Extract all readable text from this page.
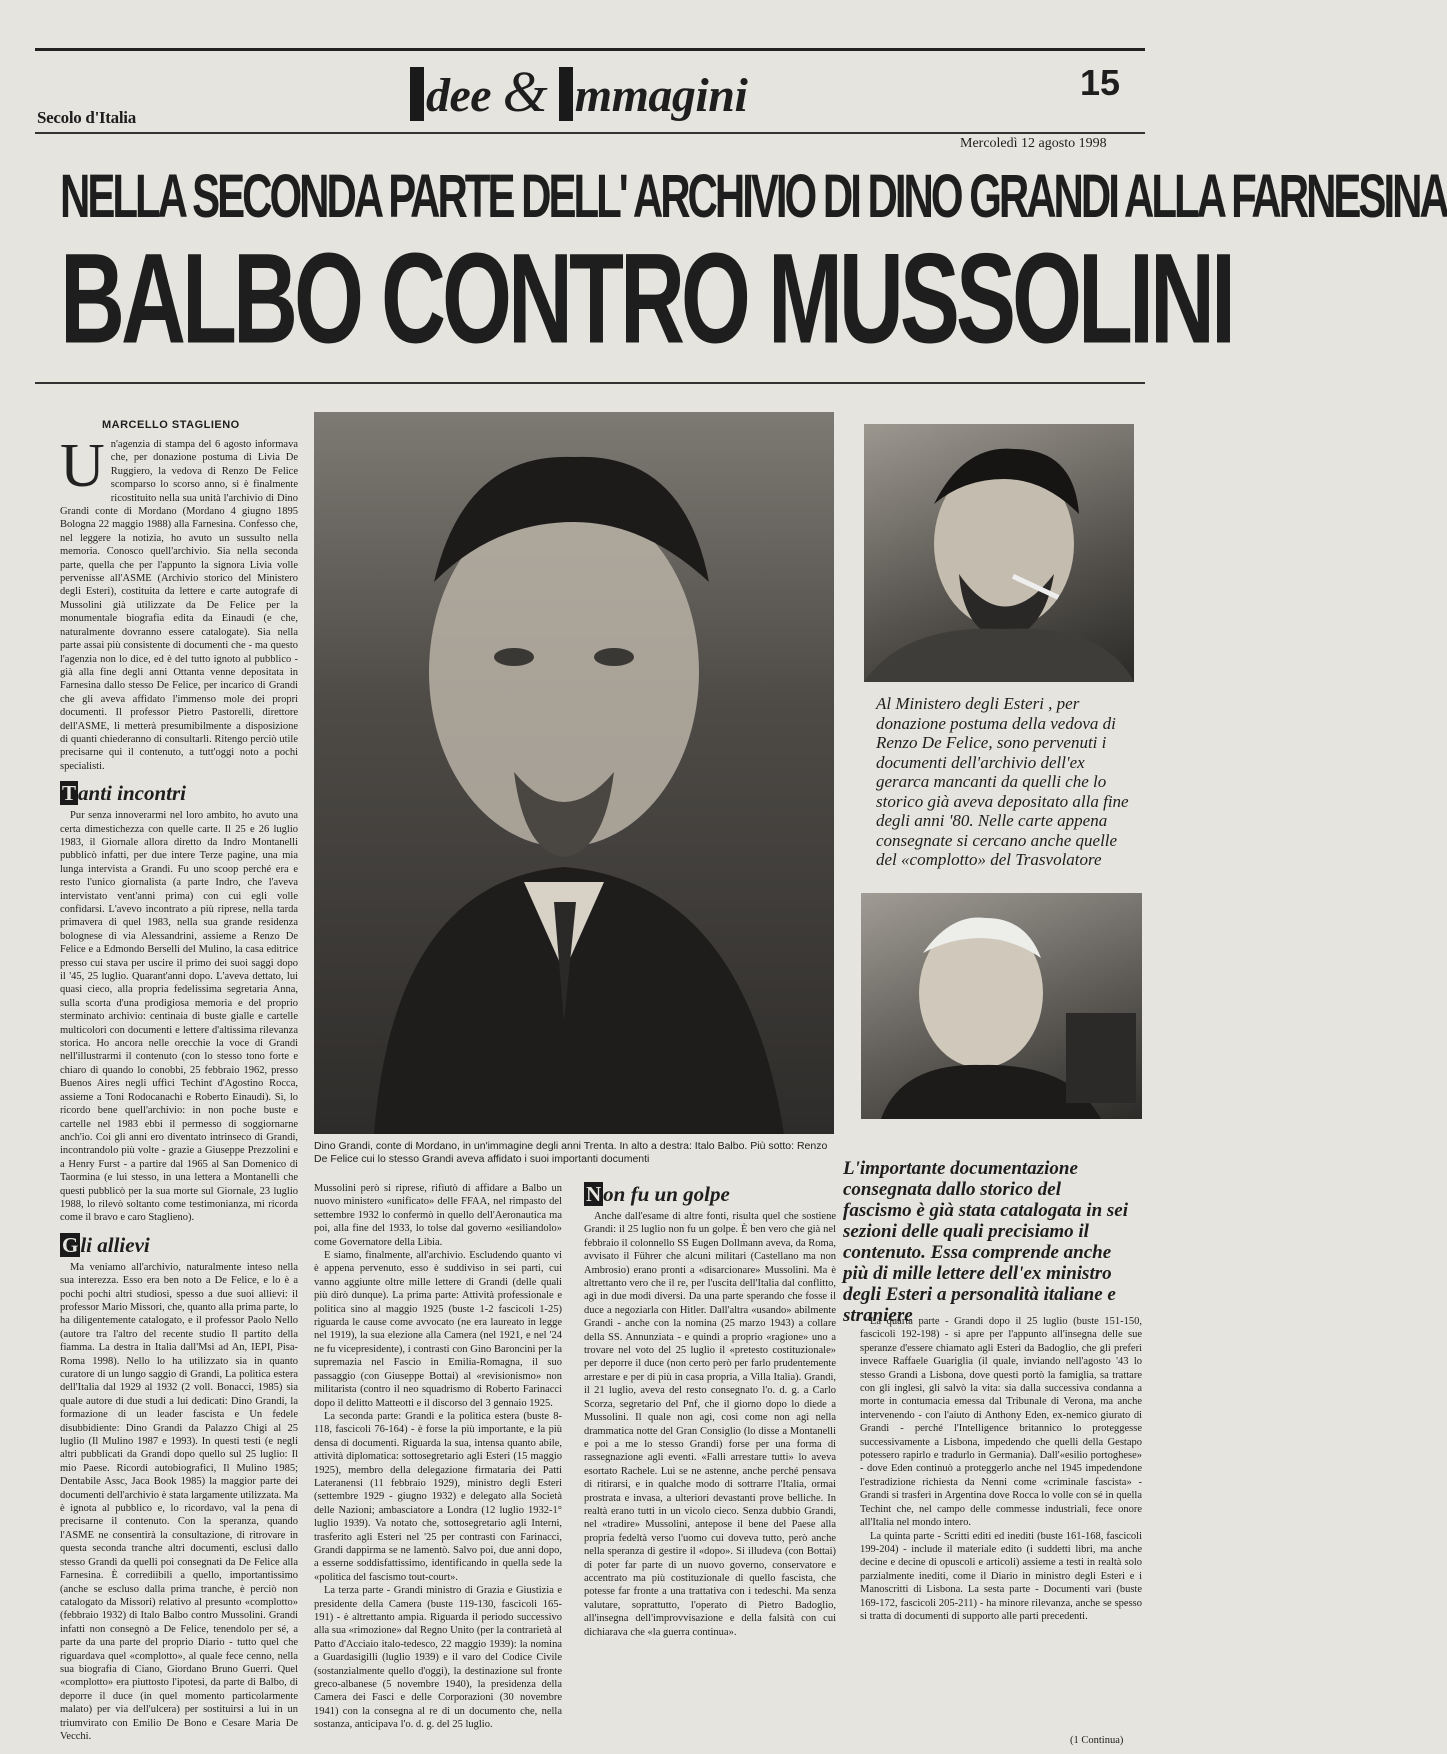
dee & mmagini	15
Secolo d'Italia
Mercoledì 12 agosto 1998
NELLA SECONDA PARTE DELL' ARCHIVIO DI DINO GRANDI ALLA FARNESINA
BALBO CONTRO MUSSOLINI
MARCELLO STAGLIENO
U n'agenzia di stampa del 6 agosto informava che, per donazione postuma di Livia De Ruggiero, la vedova di Renzo De Felice scomparso lo scorso anno, si è finalmente ricostituito nella sua unità l'archivio di Dino Grandi conte di Mordano (Mordano 4 giugno 1895 Bologna 22 maggio 1988) alla Farnesina. Confesso che, nel leggere la notizia, ho avuto un sussulto nella memoria. Conosco quell'archivio. Sia nella seconda parte, quella che per l'appunto la signora Livia volle pervenisse all'ASME (Archivio storico del Ministero degli Esteri), costituita da lettere e carte autografe di Mussolini già utilizzate da De Felice per la monumentale biografia edita da Einaudi (e che, naturalmente dovranno essere catalogate). Sia nella parte assai più consistente di documenti che - ma questo l'agenzia non lo dice, ed è del tutto ignoto al pubblico - già alla fine degli anni Ottanta venne depositata in Farnesina dallo stesso De Felice, per incarico di Grandi che gli aveva affidato l'immenso mole dei propri documenti. Il professor Pietro Pastorelli, direttore dell'ASME, li metterà presumibilmente a disposizione di quanti chiederanno di consultarli. Ritengo perciò utile precisarne qui il contenuto, a tutt'oggi noto a pochi specialisti.

Tanti incontri

Pur senza innoverarmi nel loro ambito, ho avuto una certa dimestichezza con quelle carte. Il 25 e 26 luglio 1983, il Giornale allora diretto da Indro Montanelli pubblicò infatti, per due intere Terze pagine, una mia lunga intervista a Grandi. Fu uno scoop perché era e resto l'unico giornalista (a parte Indro, che l'aveva intervistato vent'anni prima) con cui egli volle confidarsi. L'avevo incontrato a più riprese, nella tarda primavera di quel 1983, nella sua grande residenza bolognese di via Alessandrini, assieme a Renzo De Felice e a Edmondo Berselli del Mulino, la casa editrice presso cui stava per uscire il primo dei suoi saggi dopo il '45, 25 luglio. Quarant'anni dopo. L'aveva dettato, lui quasi cieco, alla propria fedelissima segretaria Anna, sulla scorta d'una prodigiosa memoria e del proprio sterminato archivio: centinaia di buste gialle e cartelle multicolori con documenti e lettere d'altissima rilevanza storica. Ho ancora nelle orecchie la voce di Grandi nell'illustrarmi il contenuto (con lo stesso tono forte e chiaro di quando lo conobbi, 25 febbraio 1962, presso Buenos Aires negli uffici Techint d'Agostino Rocca, assieme a Toni Rodocanachi e Roberto Einaudi). Sì, lo ricordo bene quell'archivio: in non poche buste e cartelle nel 1983 ebbi il permesso di soggiornarne anch'io. Coi gli anni ero diventato intrinseco di Grandi, incontrandolo più volte - grazie a Giuseppe Prezzolini e a Henry Furst - a partire dal 1965 al San Domenico di Taormina (e lui stesso, in una lettera a Montanelli che questi pubblicò per la sua morte sul Giornale, 23 luglio 1988, lo rilevò soltanto come testimonianza, mi ricorda come il bravo e caro Staglieno).

Gli allievi

Ma veniamo all'archivio, naturalmente inteso nella sua interezza. Esso era ben noto a De Felice, e lo è a pochi pochi altri studiosi, spesso a due suoi allievi: il professor Mario Missori, che, quanto alla prima parte, lo ha diligentemente catalogato, e il professor Paolo Nello (autore tra l'altro del recente studio Il partito della fiamma. La destra in Italia dall'Msi ad An, IEPI, Pisa-Roma 1998). Nello lo ha utilizzato sia in quanto curatore di un lungo saggio di Grandi, La politica estera dell'Italia dal 1929 al 1932 (2 voll. Bonacci, 1985) sia quale autore di due studi a lui dedicati: Dino Grandi, la formazione di un leader fascista e Un fedele disubbidiente: Dino Grandi da Palazzo Chigi al 25 luglio (Il Mulino 1987 e 1993). In questi testi (e negli altri pubblicati da Grandi dopo quello sul 25 luglio: Il mio Paese. Ricordi autobiografici, Il Mulino 1985; Dentabile Assc, Jaca Book 1985) la maggior parte dei documenti dell'archivio è stata largamente utilizzata. Ma è ignota al pubblico e, lo ricordavo, val la pena di precisarne il contenuto. Con la speranza, quando l'ASME ne consentirà la consultazione, di ritrovare in questa seconda tranche altri documenti, esclusi dallo stesso Grandi da quelli poi consegnati da De Felice alla Farnesina. È corrediibili a quello, importantissimo (anche se escluso dalla prima tranche, è perciò non catalogato da Missori) relativo al presunto «complotto» (febbraio 1932) di Italo Balbo contro Mussolini. Grandi infatti non consegnò a De Felice, tenendolo per sé, a parte da una parte del proprio Diario - tutto quel che riguardava quel «complotto», al quale fece cenno, nella sua biografia di Ciano, Giordano Bruno Guerri. Quel «complotto» era piuttosto l'ipotesi, da parte di Balbo, di deporre il duce (in quel momento particolarmente malato) per via dell'ulcera) per sostituirsi a lui in un triumvirato con Emilio De Bono e Cesare Maria De Vecchi.

Dino Grandi, conte di Mordano, in un'immagine degli anni Trenta. In alto a destra: Italo Balbo. Più sotto: Renzo De Felice cui lo stesso Grandi aveva affidato i suoi importanti documenti
Al Ministero degli Esteri , per donazione postuma della vedova di Renzo De Felice, sono pervenuti i documenti dell'archivio dell'ex gerarca mancanti da quelli che lo storico già aveva depositato alla fine degli anni '80. Nelle carte appena consegnate si cercano anche quelle del «complotto» del Trasvolatore
L'importante documentazione consegnata dallo storico del fascismo è già stata catalogata in sei sezioni delle quali precisiamo il contenuto. Essa comprende anche più di mille lettere dell'ex ministro degli Esteri a personalità italiane e straniere

Mussolini però si riprese, rifiutò di affidare a Balbo un nuovo ministero «unificato» delle FFAA, nel rimpasto del settembre 1932 lo confermò in quello dell'Aeronautica ma poi, alla fine del 1933, lo tolse dal governo «esiliandolo» come Governatore della Libia.

E siamo, finalmente, all'archivio. Escludendo quanto vi è appena pervenuto, esso è suddiviso in sei parti, cui vanno aggiunte oltre mille lettere di Grandi (delle quali più dirò dunque). La prima parte: Attività professionale e politica sino al maggio 1925 (buste 1-2 fascicoli 1-25) riguarda le cause come avvocato (ne era laureato in legge nel 1919), la sua elezione alla Camera (nel 1921, e nel '24 ne fu vicepresidente), i contrasti con Gino Baroncini per la supremazia nel Fascio in Emilia-Romagna, il suo passaggio (con Giuseppe Bottai) al «revisionismo» non militarista (contro il neo squadrismo di Roberto Farinacci dopo il delitto Matteotti e il discorso del 3 gennaio 1925.

La seconda parte: Grandi e la politica estera (buste 8-118, fascicoli 76-164) - è forse la più importante, e la più densa di documenti. Riguarda la sua, intensa quanto abile, attività diplomatica: sottosegretario agli Esteri (15 maggio 1925), membro della delegazione firmataria dei Patti Lateranensi (11 febbraio 1929), ministro degli Esteri (settembre 1929 - giugno 1932) e delegato alla Società delle Nazioni; ambasciatore a Londra (12 luglio 1932-1° luglio 1939). Va notato che, sottosegretario agli Interni, trasferito agli Esteri nel '25 per contrasti con Farinacci, Grandi dappirma se ne lamentò. Salvo poi, due anni dopo, a esserne soddisfattissimo, identificando in quella sede la «politica del fascismo tout-court».

La terza parte - Grandi ministro di Grazia e Giustizia e presidente della Camera (buste 119-130, fascicoli 165-191) - è altrettanto ampia. Riguarda il periodo successivo alla sua «rimozione» dal Regno Unito (per la contrarietà al Patto d'Acciaio italo-tedesco, 22 maggio 1939): la nomina a Guardasigilli (luglio 1939) e il varo del Codice Civile (sostanzialmente quello d'oggi), la destinazione sul fronte greco-albanese (5 novembre 1940), la presidenza della Camera dei Fasci e delle Corporazioni (30 novembre 1941) con la consegna al re di un documento che, nella sostanza, anticipava l'o. d. g. del 25 luglio.

Non fu un golpe

Anche dall'esame di altre fonti, risulta quel che sostiene Grandi: il 25 luglio non fu un golpe. È ben vero che già nel febbraio il colonnello SS Eugen Dollmann aveva, da Roma, avvisato il Führer che alcuni militari (Castellano ma non Ambrosio) erano pronti a «disarcionare» Mussolini. Ma è altrettanto vero che il re, per l'uscita dell'Italia dal conflitto, agì in due modi diversi. Da una parte sperando che fosse il duce a negoziarla con Hitler. Dall'altra «usando» abilmente Grandi - anche con la nomina (25 marzo 1943) a collare della SS. Annunziata - e quindi a proprio «ragione» uno a trovare nel voto del 25 luglio il «pretesto costituzionale» per deporre il duce (non certo però per farlo prudentemente arrestare e per di più in casa propria, a Villa Italia). Grandi, il 21 luglio, aveva del resto consegnato l'o. d. g. a Carlo Scorza, segretario del Pnf, che il giorno dopo lo diede a Mussolini. Il quale non agì, così come non agì nella drammatica notte del Gran Consiglio (lo disse a Montanelli e poi a me lo stesso Grandi) forse per una forma di rassegnazione agli eventi. «Falli arrestare tutti» lo aveva esortato Rachele. Lui se ne astenne, anche perché pensava di ritirarsi, e in qualche modo di sottrarre l'Italia, ormai prostrata e invasa, a ulteriori devastanti prove belliche. In realtà erano tutti in un vicolo cieco. Senza dubbio Grandi, nel «tradire» Mussolini, antepose il bene del Paese alla propria fedeltà verso l'uomo cui doveva tutto, però anche nella speranza di gestire il «dopo». Si illudeva (con Bottai) di poter far parte di un nuovo governo, conservatore e accentrato ma più costituzionale di quello fascista, che potesse far fronte a una trattativa con i tedeschi. Ma senza valutare, soprattutto, l'operato di Pietro Badoglio, all'insegna dell'improvvisazione e della falsità con cui dichiarava che «la guerra continua».

La quarta parte - Grandi dopo il 25 luglio (buste 151-150, fascicoli 192-198) - si apre per l'appunto all'insegna delle sue speranze d'essere chiamato agli Esteri da Badoglio, che gli preferì invece Raffaele Guariglia (il quale, inviando nell'agosto '43 lo stesso Grandi a Lisbona, dove questi portò la famiglia, sa trattare con gli inglesi, gli salvò la vita: sia dalla successiva condanna a morte in contumacia emessa dal Tribunale di Verona, ma anche intervenendo - con l'aiuto di Anthony Eden, ex-nemico giurato di Grandi - perché l'Intelligence britannico lo proteggesse successivamente a Lisbona, impedendo che quelli della Gestapo potessero rapirlo e tradurlo in Germania). Dall'«esilio portoghese» - dove Eden continuò a proteggerlo anche nel 1945 impedendone l'estradizione richiesta da Nenni come «criminale fascista» - Grandi si trasferì in Argentina dove Rocca lo volle con sé in quella Techint che, nel campo delle commesse industriali, fece onore all'Italia nel mondo intero.

La quinta parte - Scritti editi ed inediti (buste 161-168, fascicoli 199-204) - include il materiale edito (i suddetti libri, ma anche decine e decine di opuscoli e articoli) assieme a testi in realtà solo parzialmente inediti, come il Diario in ministro degli Esteri e i Manoscritti di Lisbona. La sesta parte - Documenti vari (buste 169-172, fascicoli 205-211) - ha minore rilevanza, anche se spesso si tratta di documenti di supporto alle parti precedenti.

(1 Continua)
